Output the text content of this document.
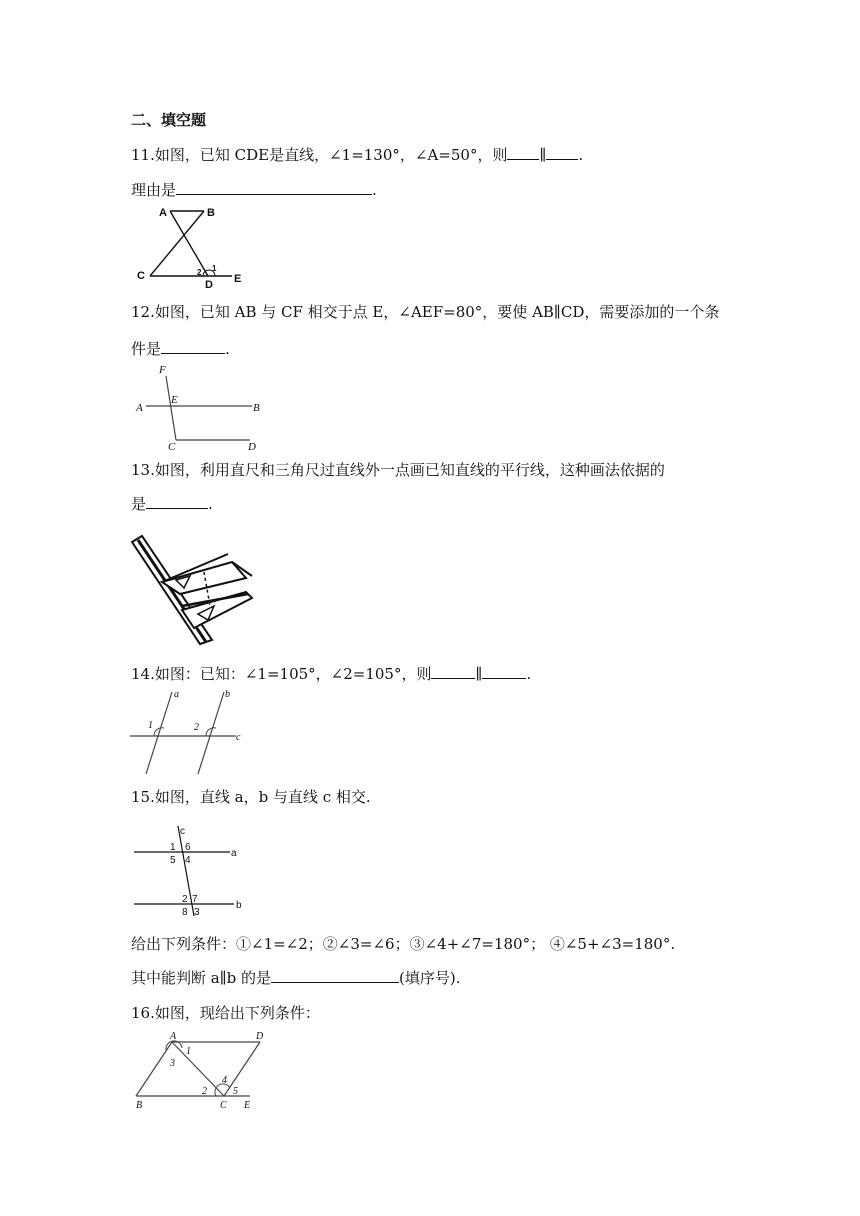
二、填空题
11.如图，已知 CDE是直线，∠1=130°，∠A=50°，则 ∥ .
理由是	.
A	B
C
D E
1
2
12.如图，已知 AB 与 CF 相交于点 E，∠AEF=80°，要使 AB∥CD，需要添加的一个条
件是	.
F
E
A	B
C	D
13.如图，利用直尺和三角尺过直线外一点画已知直线的平行线，这种画法依据的
是	.
14.如图：已知：∠1=105°，∠2=105°，则	∥	.
a	b
c
1	2
15.如图，直线 a，b 与直线 c 相交.
c
a
b
1 6
5 4
2 7
8 3
给出下列条件：①∠1=∠2；②∠3=∠6；③∠4+∠7=180°； ④∠5+∠3=180°.
其中能判断 a∥b 的是	(填序号).
16.如图，现给出下列条件：
A	D
B	C E
1
3
2
4
5
